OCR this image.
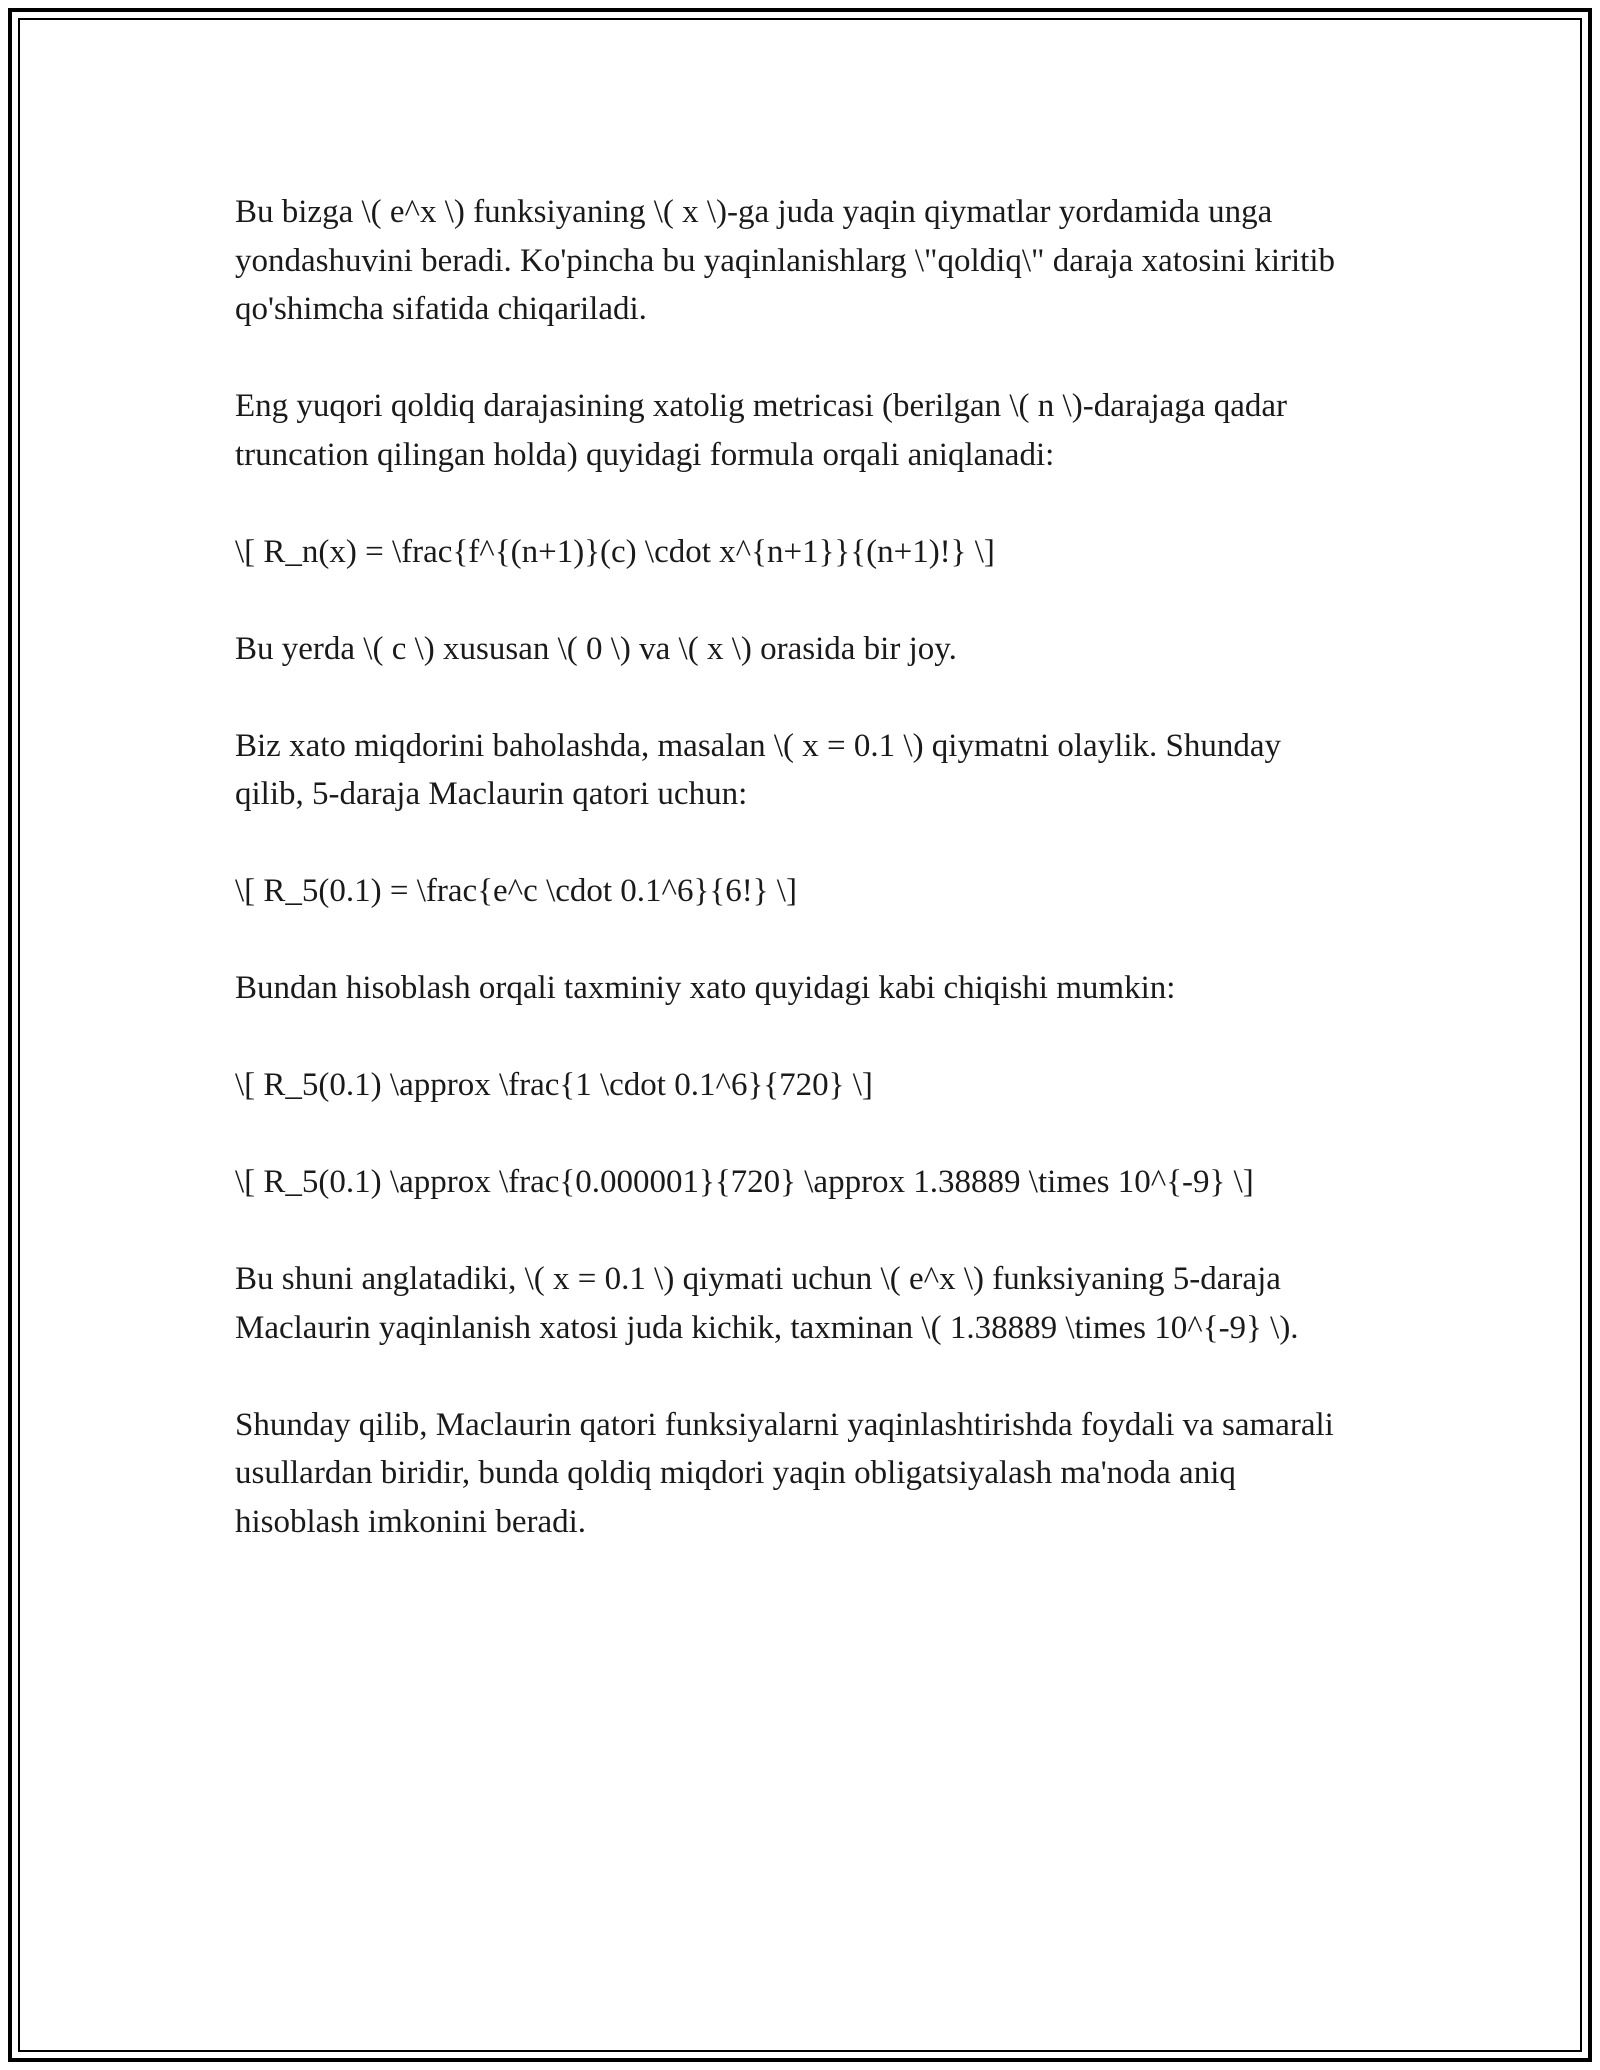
Bu bizga \( e^x \) funksiyaning \( x \)-ga juda yaqin qiymatlar yordamida unga yondashuvini beradi. Ko'pincha bu yaqinlanishlarg \"qoldiq\" daraja xatosini kiritib qo'shimcha sifatida chiqariladi.

Eng yuqori qoldiq darajasining xatolig metricasi (berilgan \( n \)-darajaga qadar truncation qilingan holda) quyidagi formula orqali aniqlanadi:

\[ R_n(x) = \frac{f^{(n+1)}(c) \cdot x^{n+1}}{(n+1)!} \]

Bu yerda \( c \) xususan \( 0 \) va \( x \) orasida bir joy.

Biz xato miqdorini baholashda, masalan \( x = 0.1 \) qiymatni olaylik. Shunday qilib, 5-daraja Maclaurin qatori uchun:

\[ R_5(0.1) = \frac{e^c \cdot 0.1^6}{6!} \]

Bundan hisoblash orqali taxminiy xato quyidagi kabi chiqishi mumkin:

\[ R_5(0.1) \approx \frac{1 \cdot 0.1^6}{720} \]

\[ R_5(0.1) \approx \frac{0.000001}{720} \approx 1.38889 \times 10^{-9} \]

Bu shuni anglatadiki, \( x = 0.1 \) qiymati uchun \( e^x \) funksiyaning 5-daraja Maclaurin yaqinlanish xatosi juda kichik, taxminan \( 1.38889 \times 10^{-9} \).

Shunday qilib, Maclaurin qatori funksiyalarni yaqinlashtirishda foydali va samarali usullardan biridir, bunda qoldiq miqdori yaqin obligatsiyalash ma'noda aniq hisoblash imkonini beradi.
